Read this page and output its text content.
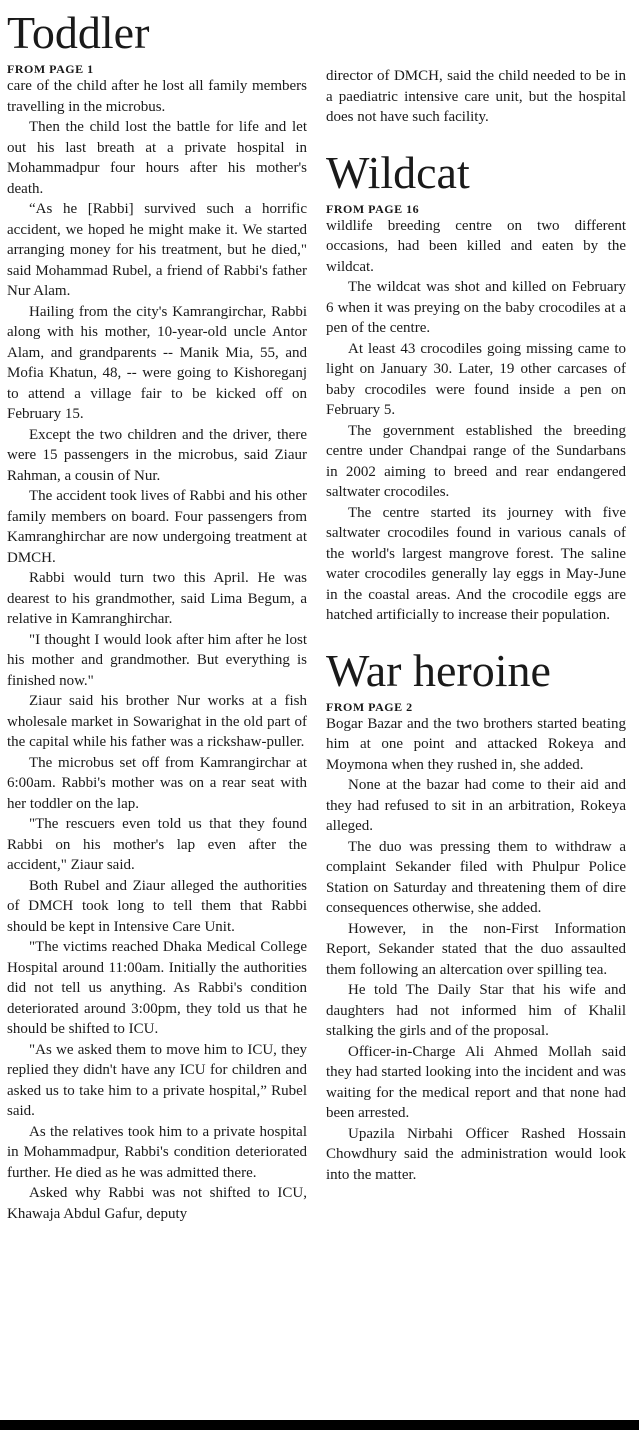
Toddler
FROM PAGE 1

care of the child after he lost all family members travelling in the microbus.

Then the child lost the battle for life and let out his last breath at a private hospital in Mohammadpur four hours after his mother's death.

“As he [Rabbi] survived such a horrific accident, we hoped he might make it. We started arranging money for his treatment, but he died," said Mohammad Rubel, a friend of Rabbi's father Nur Alam.

Hailing from the city's Kamrangirchar, Rabbi along with his mother, 10-year-old uncle Antor Alam, and grandparents -- Manik Mia, 55, and Mofia Khatun, 48, -- were going to Kishoreganj to attend a village fair to be kicked off on February 15.

Except the two children and the driver, there were 15 passengers in the microbus, said Ziaur Rahman, a cousin of Nur.

The accident took lives of Rabbi and his other family members on board. Four passengers from Kamranghirchar are now undergoing treatment at DMCH.

Rabbi would turn two this April. He was dearest to his grandmother, said Lima Begum, a relative in Kamranghirchar.

"I thought I would look after him after he lost his mother and grandmother. But everything is finished now."

Ziaur said his brother Nur works at a fish wholesale market in Sowarighat in the old part of the capital while his father was a rickshaw-puller.

The microbus set off from Kamrangirchar at 6:00am. Rabbi's mother was on a rear seat with her toddler on the lap.

"The rescuers even told us that they found Rabbi on his mother's lap even after the accident," Ziaur said.

Both Rubel and Ziaur alleged the authorities of DMCH took long to tell them that Rabbi should be kept in Intensive Care Unit.

"The victims reached Dhaka Medical College Hospital around 11:00am. Initially the authorities did not tell us anything. As Rabbi's condition deteriorated around 3:00pm, they told us that he should be shifted to ICU.

"As we asked them to move him to ICU, they replied they didn't have any ICU for children and asked us to take him to a private hospital,” Rubel said.

As the relatives took him to a private hospital in Mohammadpur, Rabbi's condition deteriorated further. He died as he was admitted there.

Asked why Rabbi was not shifted to ICU, Khawaja Abdul Gafur, deputy

director of DMCH, said the child needed to be in a paediatric intensive care unit, but the hospital does not have such facility.

Wildcat
FROM PAGE 16

wildlife breeding centre on two different occasions, had been killed and eaten by the wildcat.

The wildcat was shot and killed on February 6 when it was preying on the baby crocodiles at a pen of the centre.

At least 43 crocodiles going missing came to light on January 30. Later, 19 other carcases of baby crocodiles were found inside a pen on February 5.

The government established the breeding centre under Chandpai range of the Sundarbans in 2002 aiming to breed and rear endangered saltwater crocodiles.

The centre started its journey with five saltwater crocodiles found in various canals of the world's largest mangrove forest. The saline water crocodiles generally lay eggs in May-June in the coastal areas. And the crocodile eggs are hatched artificially to increase their population.

War heroine
FROM PAGE 2

Bogar Bazar and the two brothers started beating him at one point and attacked Rokeya and Moymona when they rushed in, she added.

None at the bazar had come to their aid and they had refused to sit in an arbitration, Rokeya alleged.

The duo was pressing them to withdraw a complaint Sekander filed with Phulpur Police Station on Saturday and threatening them of dire consequences otherwise, she added.

However, in the non-First Information Report, Sekander stated that the duo assaulted them following an altercation over spilling tea.

He told The Daily Star that his wife and daughters had not informed him of Khalil stalking the girls and of the proposal.

Officer-in-Charge Ali Ahmed Mollah said they had started looking into the incident and was waiting for the medical report and that none had been arrested.

Upazila Nirbahi Officer Rashed Hossain Chowdhury said the administration would look into the matter.
